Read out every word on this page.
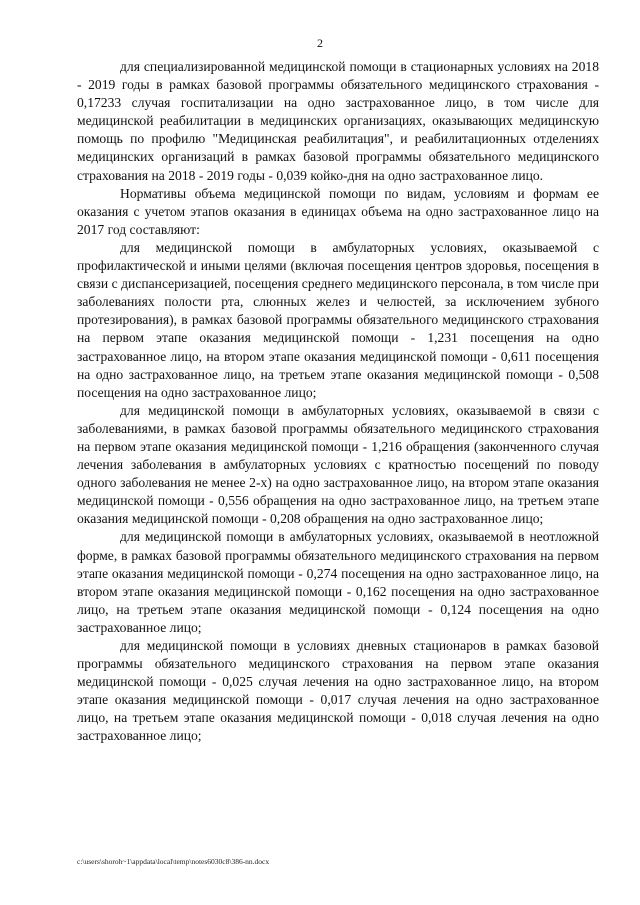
2

для специализированной медицинской помощи в стационарных условиях на 2018 - 2019 годы в рамках базовой программы обязательного медицинского страхования - 0,17233 случая госпитализации на одно застрахованное лицо, в том числе для медицинской реабилитации в медицинских организациях, оказывающих медицинскую помощь по профилю "Медицинская реабилитация", и реабилитационных отделениях медицинских организаций в рамках базовой программы обязательного медицинского страхования на 2018 - 2019 годы - 0,039 койко-дня на одно застрахованное лицо.

Нормативы объема медицинской помощи по видам, условиям и формам ее оказания с учетом этапов оказания в единицах объема на одно застрахованное лицо на 2017 год составляют:

для медицинской помощи в амбулаторных условиях, оказываемой с профилактической и иными целями (включая посещения центров здоровья, посещения в связи с диспансеризацией, посещения среднего медицинского персонала, в том числе при заболеваниях полости рта, слюнных желез и челюстей, за исключением зубного протезирования), в рамках базовой программы обязательного медицинского страхования на первом этапе оказания медицинской помощи - 1,231 посещения на одно застрахованное лицо, на втором этапе оказания медицинской помощи - 0,611 посещения на одно застрахованное лицо, на третьем этапе оказания медицинской помощи - 0,508 посещения на одно застрахованное лицо;

для медицинской помощи в амбулаторных условиях, оказываемой в связи с заболеваниями, в рамках базовой программы обязательного медицинского страхования на первом этапе оказания медицинской помощи - 1,216 обращения (законченного случая лечения заболевания в амбулаторных условиях с кратностью посещений по поводу одного заболевания не менее 2-х) на одно застрахованное лицо, на втором этапе оказания медицинской помощи - 0,556 обращения на одно застрахованное лицо, на третьем этапе оказания медицинской помощи - 0,208 обращения на одно застрахованное лицо;

для медицинской помощи в амбулаторных условиях, оказываемой в неотложной форме, в рамках базовой программы обязательного медицинского страхования на первом этапе оказания медицинской помощи - 0,274 посещения на одно застрахованное лицо, на втором этапе оказания медицинской помощи - 0,162 посещения на одно застрахованное лицо, на третьем этапе оказания медицинской помощи - 0,124 посещения на одно застрахованное лицо;

для медицинской помощи в условиях дневных стационаров в рамках базовой программы обязательного медицинского страхования на первом этапе оказания медицинской помощи - 0,025 случая лечения на одно застрахованное лицо, на втором этапе оказания медицинской помощи - 0,017 случая лечения на одно застрахованное лицо, на третьем этапе оказания медицинской помощи - 0,018 случая лечения на одно застрахованное лицо;

c:\users\shoroh~1\appdata\local\temp\notes6030c8\386-nn.docx
